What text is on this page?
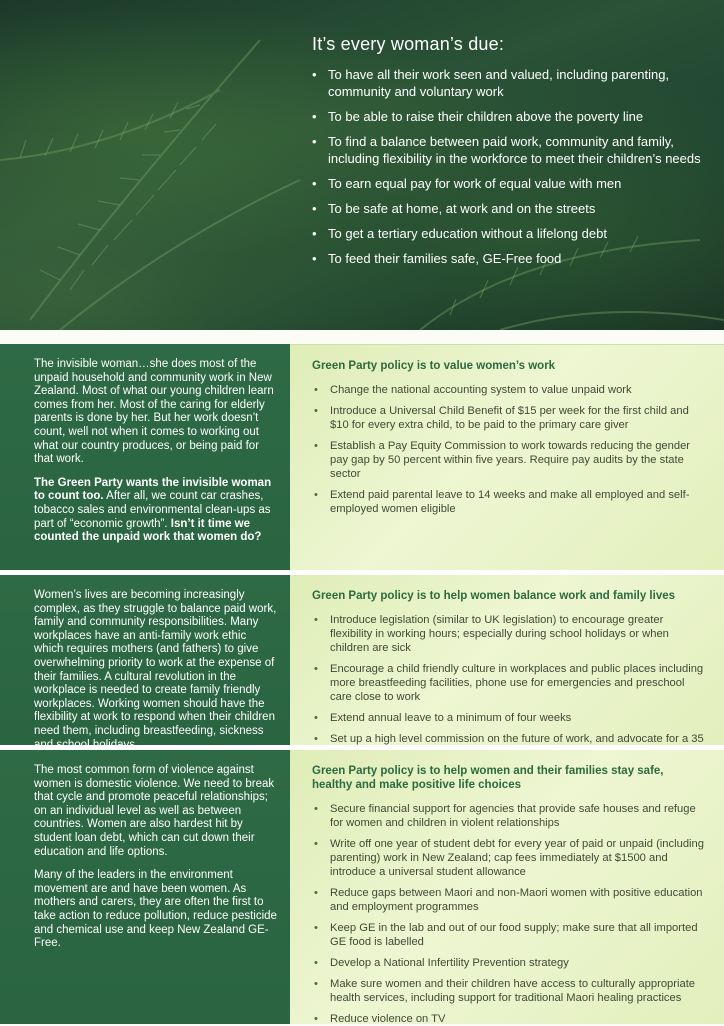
It’s every woman’s due:
• To have all their work seen and valued, including parenting, community and voluntary work
• To be able to raise their children above the poverty line
• To find a balance between paid work, community and family, including flexibility in the workforce to meet their children’s needs
• To earn equal pay for work of equal value with men
• To be safe at home, at work and on the streets
• To get a tertiary education without a lifelong debt
• To feed their families safe, GE-Free food

The invisible woman…she does most of the unpaid household and community work in New Zealand. Most of what our young children learn comes from her. Most of the caring for elderly parents is done by her. But her work doesn’t count, well not when it comes to working out what our country produces, or being paid for that work.

The Green Party wants the invisible woman to count too. After all, we count car crashes, tobacco sales and environmental clean-ups as part of “economic growth”. Isn’t it time we counted the unpaid work that women do?

Green Party policy is to value women’s work
• Change the national accounting system to value unpaid work
• Introduce a Universal Child Benefit of $15 per week for the first child and $10 for every extra child, to be paid to the primary care giver
• Establish a Pay Equity Commission to work towards reducing the gender pay gap by 50 percent within five years. Require pay audits by the state sector
• Extend paid parental leave to 14 weeks and make all employed and self-employed women eligible

Women’s lives are becoming increasingly complex, as they struggle to balance paid work, family and community responsibilities. Many workplaces have an anti-family work ethic which requires mothers (and fathers) to give overwhelming priority to work at the expense of their families. A cultural revolution in the workplace is needed to create family friendly workplaces. Working women should have the flexibility at work to respond when their children need them, including breastfeeding, sickness

Green Party policy is to help women balance work and family lives
• Introduce legislation (similar to UK legislation) to encourage greater flexibility in working hours; especially during school holidays or when children are sick
• Encourage a child friendly culture in workplaces and public places including more breastfeeding facilities, phone use for emergencies and preschool care close to work
• Extend annual leave to a minimum of four weeks
• Set up a high level commission on the future of work, and advocate for a 35

The most common form of violence against women is domestic violence. We need to break that cycle and promote peaceful relationships; on an individual level as well as between countries. Women are also hardest hit by student loan debt, which can cut down their education and life options.

Many of the leaders in the environment movement are and have been women. As mothers and carers, they are often the first to take action to reduce pollution, reduce pesticide and chemical use and keep New Zealand GE-Free.

Green Party policy is to help women and their families stay safe, healthy and make positive life choices
• Secure financial support for agencies that provide safe houses and refuge for women and children in violent relationships
• Write off one year of student debt for every year of paid or unpaid (including parenting) work in New Zealand; cap fees immediately at $1500 and introduce a universal student allowance
• Reduce gaps between Maori and non-Maori women with positive education and employment programmes
• Keep GE in the lab and out of our food supply; make sure that all imported GE food is labelled
• Develop a National Infertility Prevention strategy
• Make sure women and their children have access to culturally appropriate health services, including support for traditional Maori healing practices
• Reduce violence on TV
